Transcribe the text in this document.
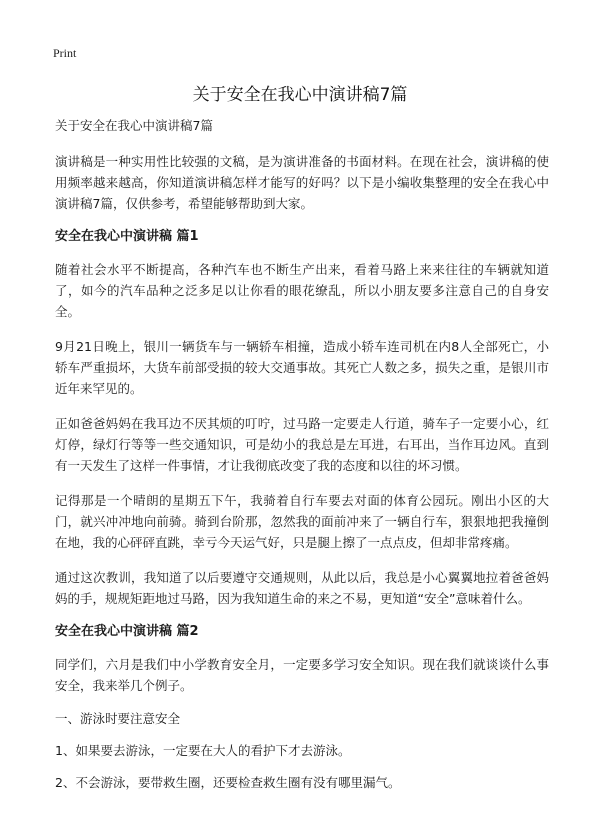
Print
关于安全在我心中演讲稿7篇

关于安全在我心中演讲稿7篇

演讲稿是一种实用性比较强的文稿，是为演讲准备的书面材料。在现在社会，演讲稿的使用频率越来越高，你知道演讲稿怎样才能写的好吗？以下是小编收集整理的安全在我心中演讲稿7篇，仅供参考，希望能够帮助到大家。

安全在我心中演讲稿 篇1

随着社会水平不断提高，各种汽车也不断生产出来，看着马路上来来往往的车辆就知道了，如今的汽车品种之泛多足以让你看的眼花缭乱，所以小朋友要多注意自己的自身安全。

9月21日晚上，银川一辆货车与一辆轿车相撞，造成小轿车连司机在内8人全部死亡，小轿车严重损坏，大货车前部受损的较大交通事故。其死亡人数之多，损失之重，是银川市近年来罕见的。

正如爸爸妈妈在我耳边不厌其烦的叮咛，过马路一定要走人行道，骑车子一定要小心，红灯停，绿灯行等等一些交通知识，可是幼小的我总是左耳进，右耳出，当作耳边风。直到有一天发生了这样一件事情，才让我彻底改变了我的态度和以往的坏习惯。

记得那是一个晴朗的星期五下午，我骑着自行车要去对面的体育公园玩。刚出小区的大门，就兴冲冲地向前骑。骑到台阶那，忽然我的面前冲来了一辆自行车，狠狠地把我撞倒在地，我的心砰砰直跳，幸亏今天运气好，只是腿上擦了一点点皮，但却非常疼痛。

通过这次教训，我知道了以后要遵守交通规则，从此以后，我总是小心翼翼地拉着爸爸妈妈的手，规规矩距地过马路，因为我知道生命的来之不易，更知道“安全”意味着什么。

安全在我心中演讲稿 篇2

同学们，六月是我们中小学教育安全月，一定要多学习安全知识。现在我们就谈谈什么事安全，我来举几个例子。

一、游泳时要注意安全

1、如果要去游泳，一定要在大人的看护下才去游泳。

2、不会游泳，要带救生圈，还要检查救生圈有没有哪里漏气。
